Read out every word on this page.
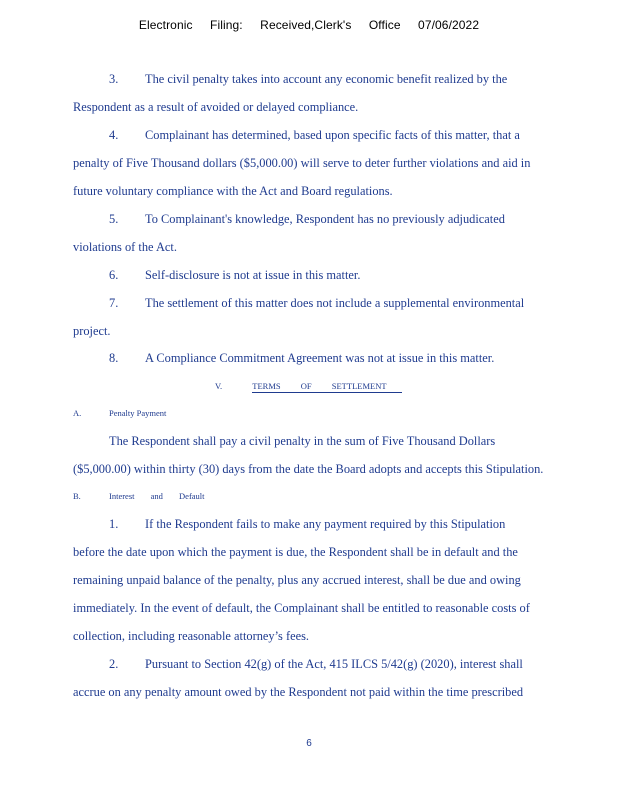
Electronic Filing: Received,Clerk's Office 07/06/2022
3. The civil penalty takes into account any economic benefit realized by the
Respondent as a result of avoided or delayed compliance.
4. Complainant has determined, based upon specific facts of this matter, that a
penalty of Five Thousand dollars ($5,000.00) will serve to deter further violations and aid in
future voluntary compliance with the Act and Board regulations.
5. To Complainant's knowledge, Respondent has no previously adjudicated
violations of the Act.
6. Self-disclosure is not at issue in this matter.
7. The settlement of this matter does not include a supplemental environmental
project.
8. A Compliance Commitment Agreement was not at issue in this matter.
V.	TERMS OF SETTLEMENT
A.	Penalty Payment
The Respondent shall pay a civil penalty in the sum of Five Thousand Dollars
($5,000.00) within thirty (30) days from the date the Board adopts and accepts this Stipulation.
B.	Interest and Default
1. If the Respondent fails to make any payment required by this Stipulation
before the date upon which the payment is due, the Respondent shall be in default and the
remaining unpaid balance of the penalty, plus any accrued interest, shall be due and owing
immediately. In the event of default, the Complainant shall be entitled to reasonable costs of
collection, including reasonable attorney’s fees.
2. Pursuant to Section 42(g) of the Act, 415 ILCS 5/42(g) (2020), interest shall
accrue on any penalty amount owed by the Respondent not paid within the time prescribed
6
